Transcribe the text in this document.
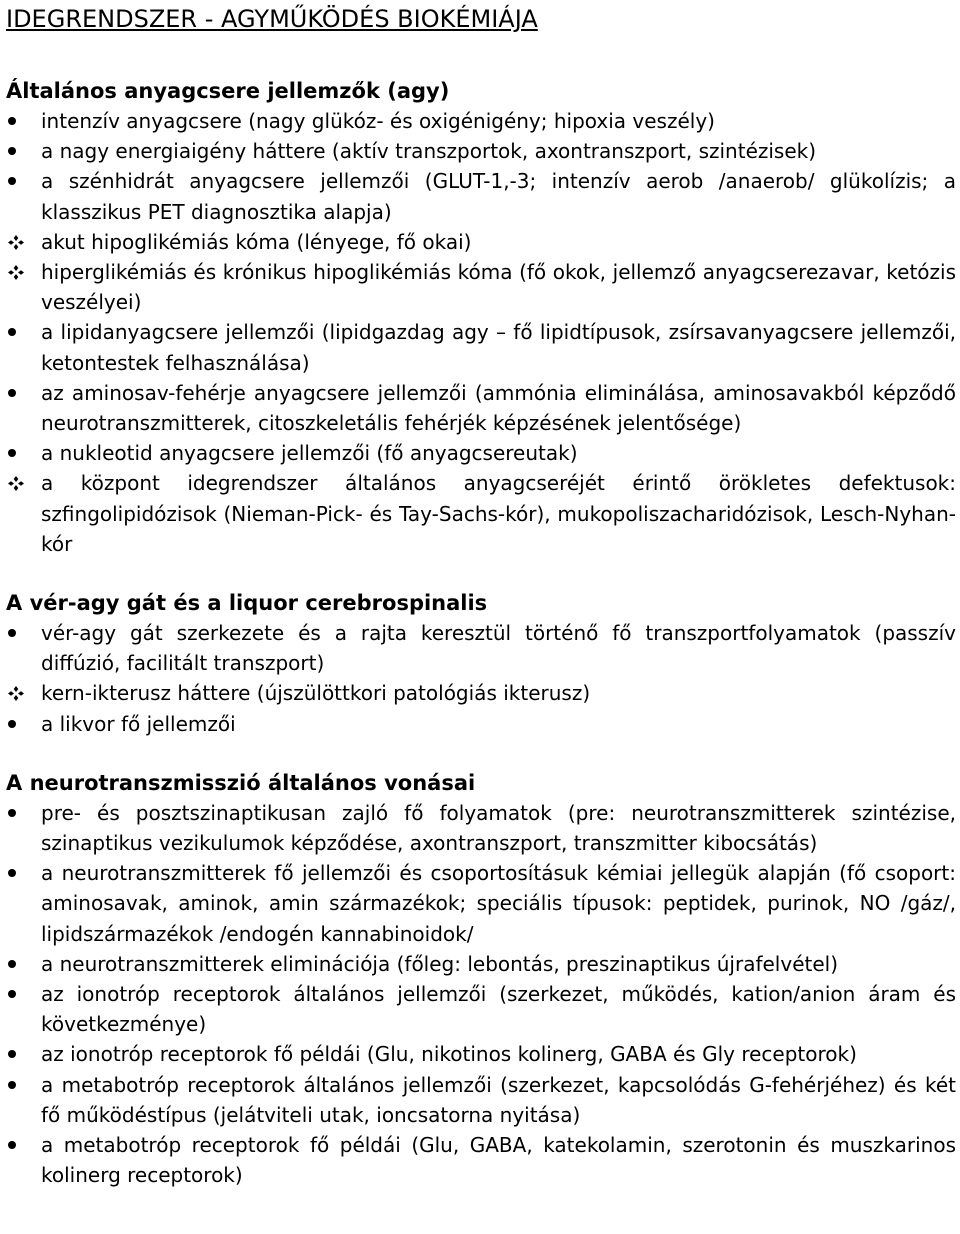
IDEGRENDSZER - AGYMŰKÖDÉS BIOKÉMIÁJA
Általános anyagcsere jellemzők (agy)
intenzív anyagcsere (nagy glükóz- és oxigénigény; hipoxia veszély)
a nagy energiaigény háttere (aktív transzportok, axontranszport, szintézisek)
a szénhidrát anyagcsere jellemzői (GLUT-1,-3; intenzív aerob /anaerob/ glükolízis; a klasszikus PET diagnosztika alapja)
akut hipoglikémiás kóma (lényege, fő okai)
hiperglikémiás és krónikus hipoglikémiás kóma (fő okok, jellemző anyagcserezavar, ketózis veszélyei)
a lipidanyagcsere jellemzői (lipidgazdag agy – fő lipidtípusok, zsírsavanyagcsere jellemzői, ketontestek felhasználása)
az aminosav-fehérje anyagcsere jellemzői (ammónia eliminálása, aminosavakból képződő neurotranszmitterek, citoszkeletális fehérjék képzésének jelentősége)
a nukleotid anyagcsere jellemzői (fő anyagcsereutak)
a központ idegrendszer általános anyagcseréjét érintő örökletes defektusok: szfingolipidózisok (Nieman-Pick- és Tay-Sachs-kór), mukopoliszacharidózisok, Lesch-Nyhan-kór
A vér-agy gát és a liquor cerebrospinalis
vér-agy gát szerkezete és a rajta keresztül történő fő transzportfolyamatok (passzív diffúzió, facilitált transzport)
kern-ikterusz háttere (újszülöttkori patológiás ikterusz)
a likvor fő jellemzői
A neurotranszmisszió általános vonásai
pre- és posztszinaptikusan zajló fő folyamatok (pre: neurotranszmitterek szintézise, szinaptikus vezikulumok képződése, axontranszport, transzmitter kibocsátás)
a neurotranszmitterek fő jellemzői és csoportosításuk kémiai jellegük alapján (fő csoport: aminosavak, aminok, amin származékok; speciális típusok: peptidek, purinok, NO /gáz/, lipidszármazékok /endogén kannabinoidok/
a neurotranszmitterek eliminációja (főleg: lebontás, preszinaptikus újrafelvétel)
az ionotróp receptorok általános jellemzői (szerkezet, működés, kation/anion áram és következménye)
az ionotróp receptorok fő példái (Glu, nikotinos kolinerg, GABA és Gly receptorok)
a metabotróp receptorok általános jellemzői (szerkezet, kapcsolódás G-fehérjéhez) és két fő működéstípus (jelátviteli utak, ioncsatorna nyitása)
a metabotróp receptorok fő példái (Glu, GABA, katekolamin, szerotonin és muszkarinos kolinerg receptorok)
